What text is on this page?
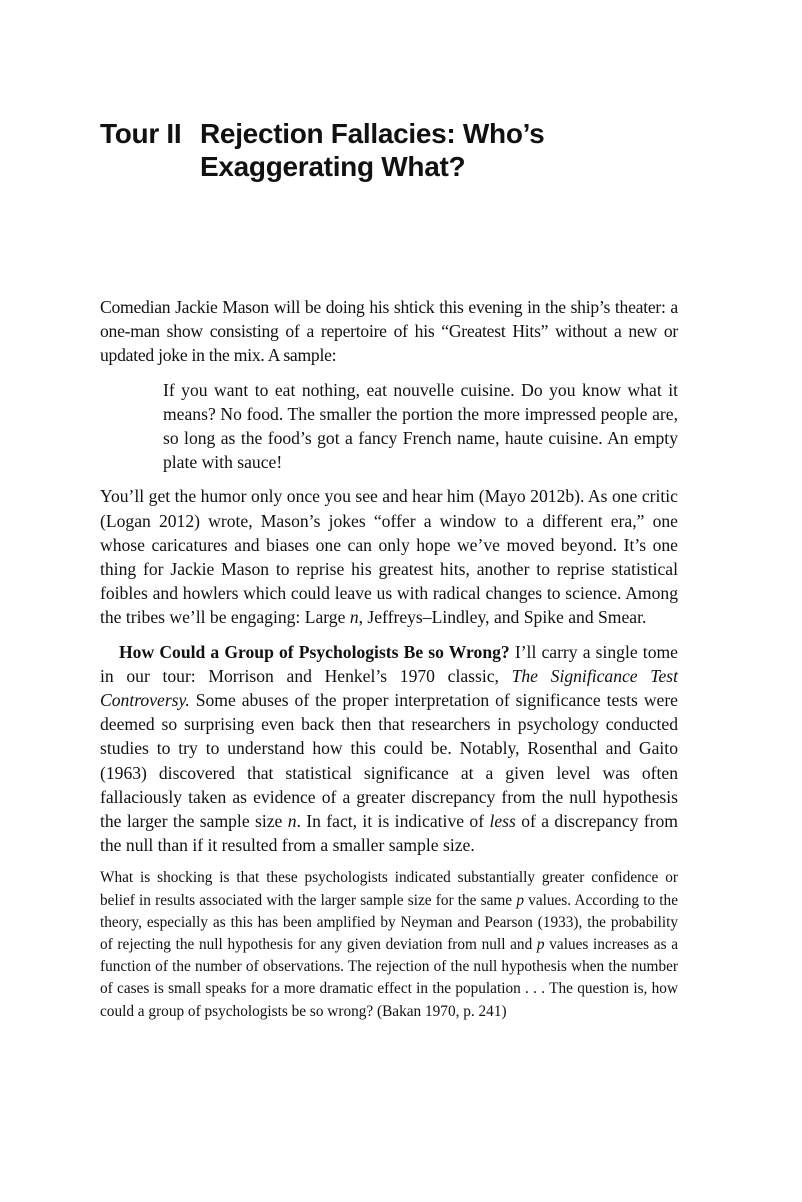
Tour II Rejection Fallacies: Who’s Exaggerating What?

Comedian Jackie Mason will be doing his shtick this evening in the ship’s theater: a one-man show consisting of a repertoire of his “Greatest Hits” without a new or updated joke in the mix. A sample:

If you want to eat nothing, eat nouvelle cuisine. Do you know what it means? No food. The smaller the portion the more impressed people are, so long as the food’s got a fancy French name, haute cuisine. An empty plate with sauce!

You’ll get the humor only once you see and hear him (Mayo 2012b). As one critic (Logan 2012) wrote, Mason’s jokes “offer a window to a different era,” one whose caricatures and biases one can only hope we’ve moved beyond. It’s one thing for Jackie Mason to reprise his greatest hits, another to reprise statistical foibles and howlers which could leave us with radical changes to science. Among the tribes we’ll be engaging: Large n, Jeffreys–Lindley, and Spike and Smear.

How Could a Group of Psychologists Be so Wrong? I’ll carry a single tome in our tour: Morrison and Henkel’s 1970 classic, The Significance Test Controversy. Some abuses of the proper interpretation of significance tests were deemed so surprising even back then that researchers in psychology conducted studies to try to understand how this could be. Notably, Rosenthal and Gaito (1963) discovered that statistical significance at a given level was often fallaciously taken as evidence of a greater discrepancy from the null hypothesis the larger the sample size n. In fact, it is indicative of less of a discrepancy from the null than if it resulted from a smaller sample size.

What is shocking is that these psychologists indicated substantially greater confidence or belief in results associated with the larger sample size for the same p values. According to the theory, especially as this has been amplified by Neyman and Pearson (1933), the probability of rejecting the null hypothesis for any given deviation from null and p values increases as a function of the number of observations. The rejection of the null hypothesis when the number of cases is small speaks for a more dramatic effect in the population . . . The question is, how could a group of psychologists be so wrong? (Bakan 1970, p. 241)
